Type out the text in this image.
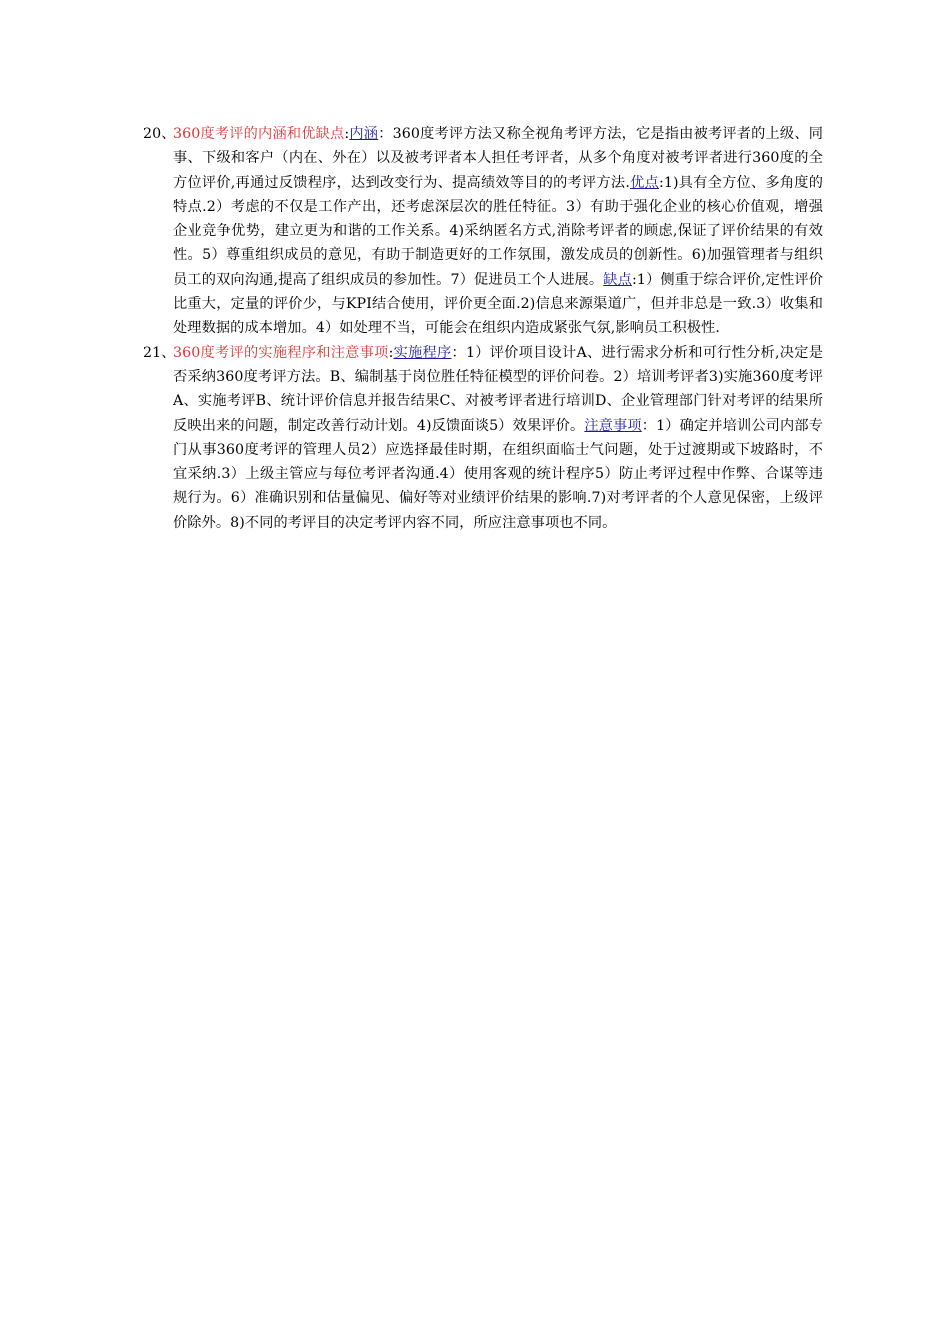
20、
360度考评的内涵和优缺点:内涵：360度考评方法又称全视角考评方法，它是指由被考评者的上级、同事、下级和客户（内在、外在）以及被考评者本人担任考评者，从多个角度对被考评者进行360度的全方位评价,再通过反馈程序，达到改变行为、提高绩效等目的的考评方法.优点:1)具有全方位、多角度的特点.2）考虑的不仅是工作产出，还考虑深层次的胜任特征。3）有助于强化企业的核心价值观，增强企业竞争优势，建立更为和谐的工作关系。4)采纳匿名方式,消除考评者的顾虑,保证了评价结果的有效性。5）尊重组织成员的意见，有助于制造更好的工作氛围，激发成员的创新性。6)加强管理者与组织员工的双向沟通,提高了组织成员的参加性。7）促进员工个人进展。缺点:1）侧重于综合评价,定性评价比重大，定量的评价少，与KPI结合使用，评价更全面.2)信息来源渠道广，但并非总是一致.3）收集和处理数据的成本增加。4）如处理不当，可能会在组织内造成紧张气氛,影响员工积极性.

21、
360度考评的实施程序和注意事项:实施程序：1）评价项目设计A、进行需求分析和可行性分析,决定是否采纳360度考评方法。B、编制基于岗位胜任特征模型的评价问卷。2）培训考评者3)实施360度考评A、实施考评B、统计评价信息并报告结果C、对被考评者进行培训D、企业管理部门针对考评的结果所反映出来的问题，制定改善行动计划。4)反馈面谈5）效果评价。注意事项：1）确定并培训公司内部专门从事360度考评的管理人员2）应选择最佳时期，在组织面临士气问题，处于过渡期或下坡路时，不宜采纳.3）上级主管应与每位考评者沟通.4）使用客观的统计程序5）防止考评过程中作弊、合谋等违规行为。6）准确识别和估量偏见、偏好等对业绩评价结果的影响.7)对考评者的个人意见保密，上级评价除外。8)不同的考评目的决定考评内容不同，所应注意事项也不同。
